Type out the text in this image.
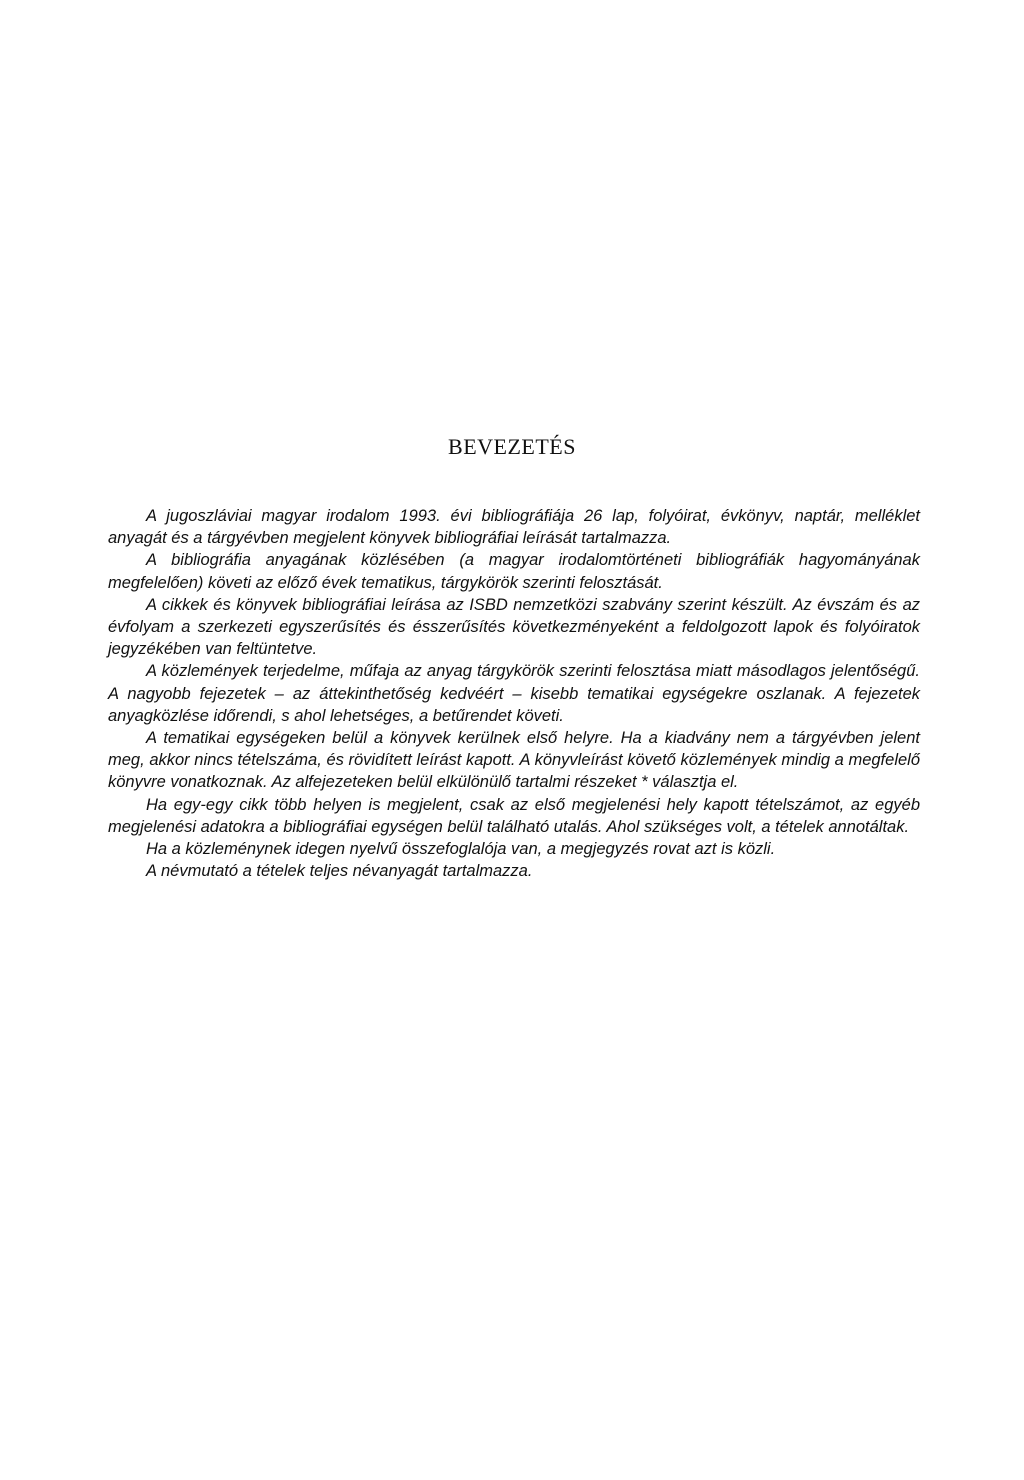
BEVEZETÉS

A jugoszláviai magyar irodalom 1993. évi bibliográfiája 26 lap, folyóirat, évkönyv, naptár, melléklet anyagát és a tárgyévben megjelent könyvek bibliográfiai leírását tartalmazza.

A bibliográfia anyagának közlésében (a magyar irodalomtörténeti bibliográfiák hagyományának megfelelően) követi az előző évek tematikus, tárgykörök szerinti felosztását.

A cikkek és könyvek bibliográfiai leírása az ISBD nemzetközi szabvány szerint készült. Az évszám és az évfolyam a szerkezeti egyszerűsítés és ésszerűsítés következményeként a feldolgozott lapok és folyóiratok jegyzékében van feltüntetve.

A közlemények terjedelme, műfaja az anyag tárgykörök szerinti felosztása miatt másodlagos jelentőségű. A nagyobb fejezetek – az áttekinthetőség kedvéért – kisebb tematikai egységekre oszlanak. A fejezetek anyagközlése időrendi, s ahol lehetséges, a betűrendet követi.

A tematikai egységeken belül a könyvek kerülnek első helyre. Ha a kiadvány nem a tárgyévben jelent meg, akkor nincs tételszáma, és rövidített leírást kapott. A könyvleírást követő közlemények mindig a megfelelő könyvre vonatkoznak. Az alfejezeteken belül elkülönülő tartalmi részeket * választja el.

Ha egy-egy cikk több helyen is megjelent, csak az első megjelenési hely kapott tételszámot, az egyéb megjelenési adatokra a bibliográfiai egységen belül található utalás. Ahol szükséges volt, a tételek annotáltak.

Ha a közleménynek idegen nyelvű összefoglalója van, a megjegyzés rovat azt is közli.

A névmutató a tételek teljes névanyagát tartalmazza.
